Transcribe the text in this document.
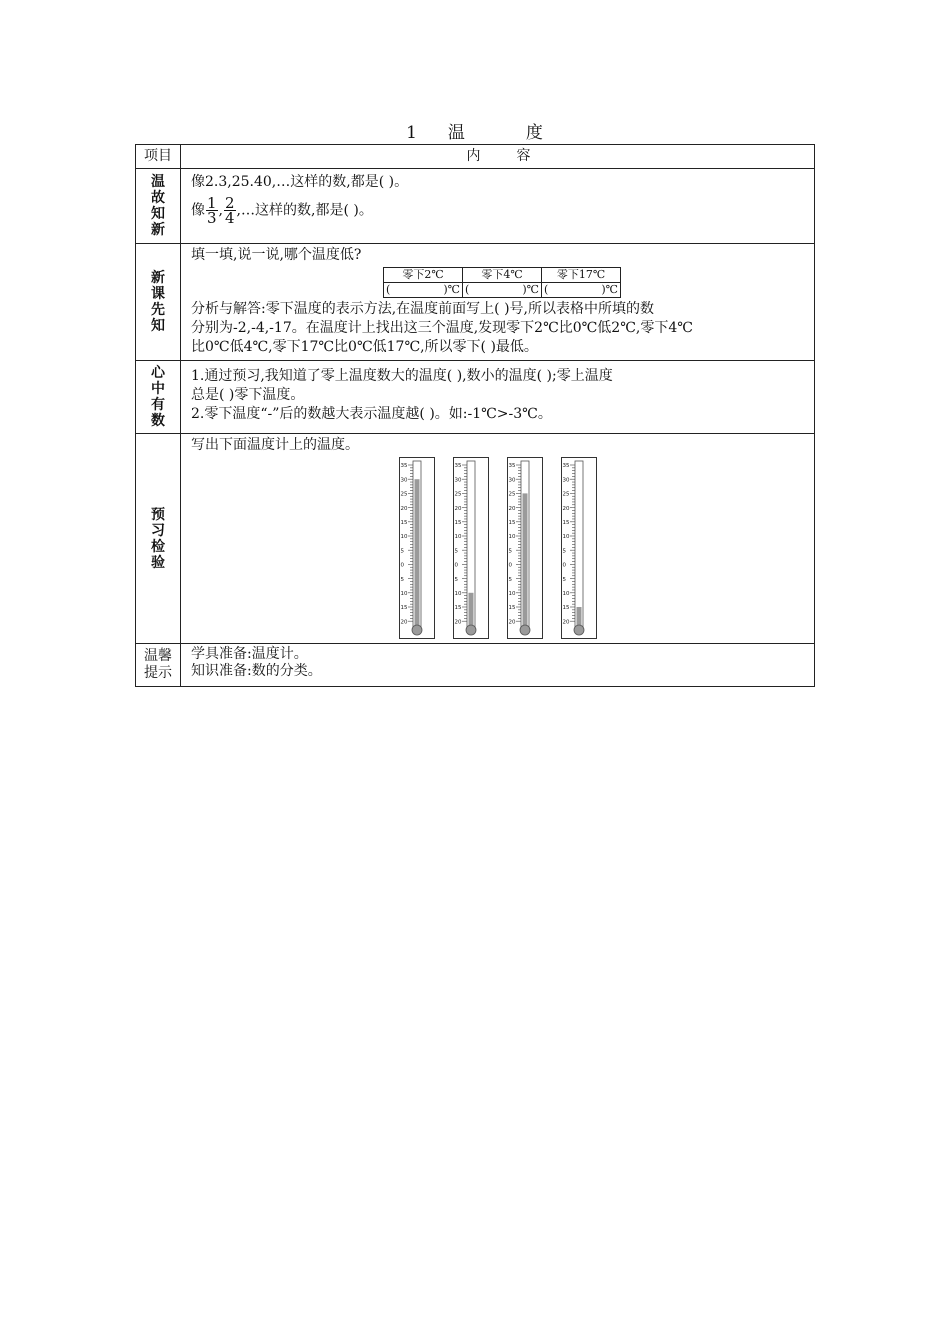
1 温	度
项目	内	容

温
故
知
新

像2.3,25.40,…这样的数,都是( )。
像 $\frac{1}{3}$ , $\frac{2}{4}$ ,…这样的数,都是( )。

新
课
先
知

填一填,说一说,哪个温度低?
零下2℃	零下4℃	零下17℃
(	)℃	(	)℃	(	)℃
分析与解答:零下温度的表示方法,在温度前面写上( )号,所以表格中所填的数
分别为-2,-4,-17。在温度计上找出这三个温度,发现零下2℃比0℃低2℃,零下4℃
比0℃低4℃,零下17℃比0℃低17℃,所以零下( )最低。

心
中
有
数

1.通过预习,我知道了零上温度数大的温度( ),数小的温度( );零上温度
总是( )零下温度。
2.零下温度“-”后的数越大表示温度越( )。如:-1℃>-3℃。

预
习
检
验

写出下面温度计上的温度。
35
30
25
20
15
10
5
0
5
10
15
20
35
30
25
20
15
10
5
0
5
10
15
20
35
30
25
20
15
10
5
0
5
10
15
20
35
30
25
20
15
10
5
0
5
10
15
20

温馨
提示

学具准备:温度计。
知识准备:数的分类。
